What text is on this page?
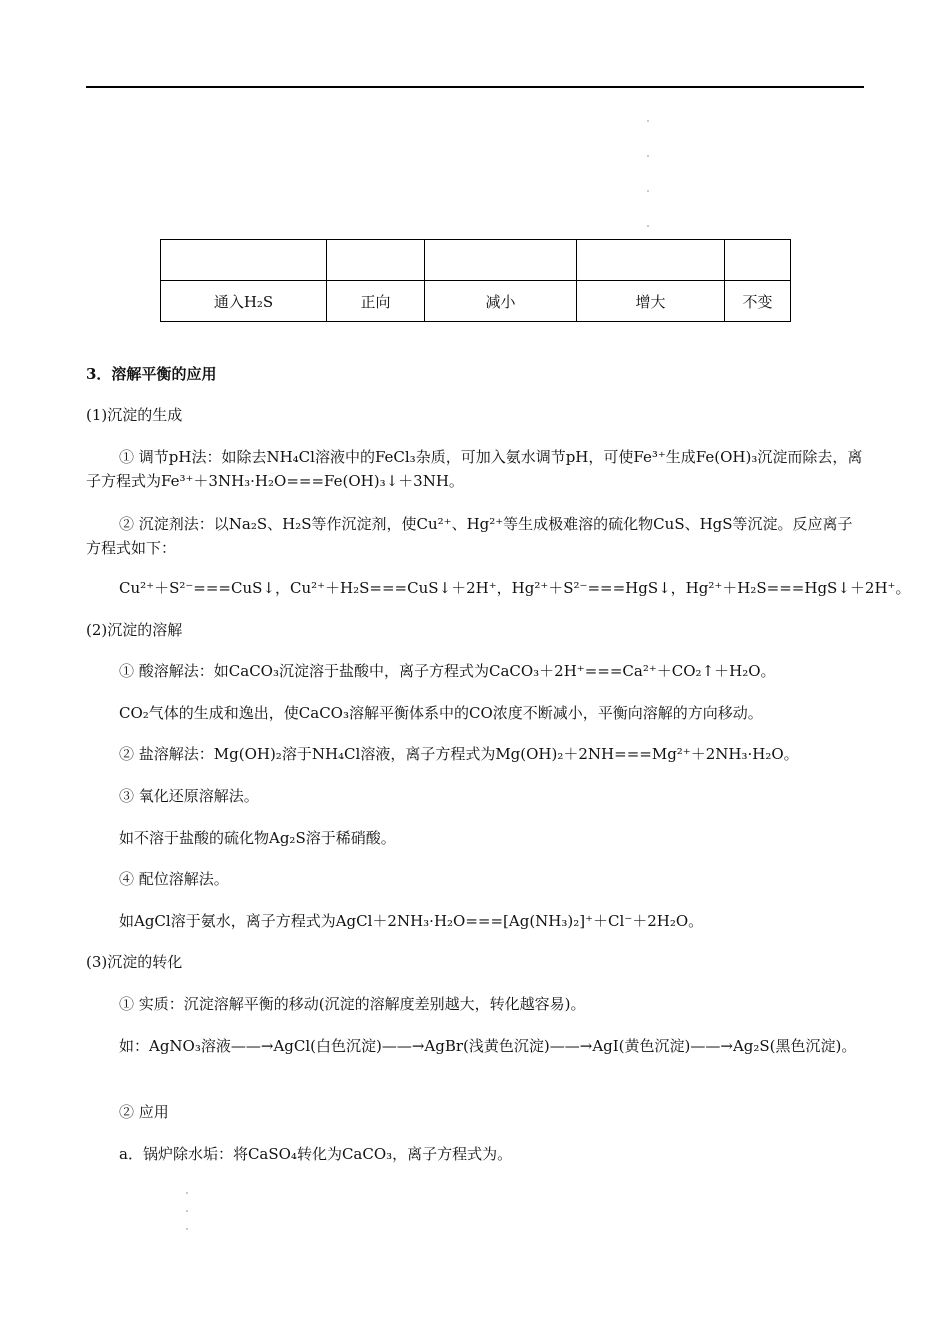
通入H₂S	正向	减小	增大	不变
3．溶解平衡的应用
(1)沉淀的生成
① 调节pH法：如除去NH₄Cl溶液中的FeCl₃杂质，可加入氨水调节pH，可使Fe³⁺生成Fe(OH)₃沉淀而除去，离子方程式为Fe³⁺＋3NH₃·H₂O===Fe(OH)₃↓＋3NH。
② 沉淀剂法：以Na₂S、H₂S等作沉淀剂，使Cu²⁺、Hg²⁺等生成极难溶的硫化物CuS、HgS等沉淀。反应离子方程式如下：
Cu²⁺＋S²⁻===CuS↓，Cu²⁺＋H₂S===CuS↓＋2H⁺，Hg²⁺＋S²⁻===HgS↓，Hg²⁺＋H₂S===HgS↓＋2H⁺。
(2)沉淀的溶解
① 酸溶解法：如CaCO₃沉淀溶于盐酸中，离子方程式为CaCO₃＋2H⁺===Ca²⁺＋CO₂↑＋H₂O。
CO₂气体的生成和逸出，使CaCO₃溶解平衡体系中的CO浓度不断减小，平衡向溶解的方向移动。
② 盐溶解法：Mg(OH)₂溶于NH₄Cl溶液，离子方程式为Mg(OH)₂＋2NH===Mg²⁺＋2NH₃·H₂O。
③ 氧化还原溶解法。
如不溶于盐酸的硫化物Ag₂S溶于稀硝酸。
④ 配位溶解法。
如AgCl溶于氨水，离子方程式为AgCl＋2NH₃·H₂O===[Ag(NH₃)₂]⁺＋Cl⁻＋2H₂O。
(3)沉淀的转化
① 实质：沉淀溶解平衡的移动(沉淀的溶解度差别越大，转化越容易)。
如：AgNO₃溶液——→AgCl(白色沉淀)——→AgBr(浅黄色沉淀)——→AgI(黄色沉淀)——→Ag₂S(黑色沉淀)。
② 应用
a．锅炉除水垢：将CaSO₄转化为CaCO₃，离子方程式为。
